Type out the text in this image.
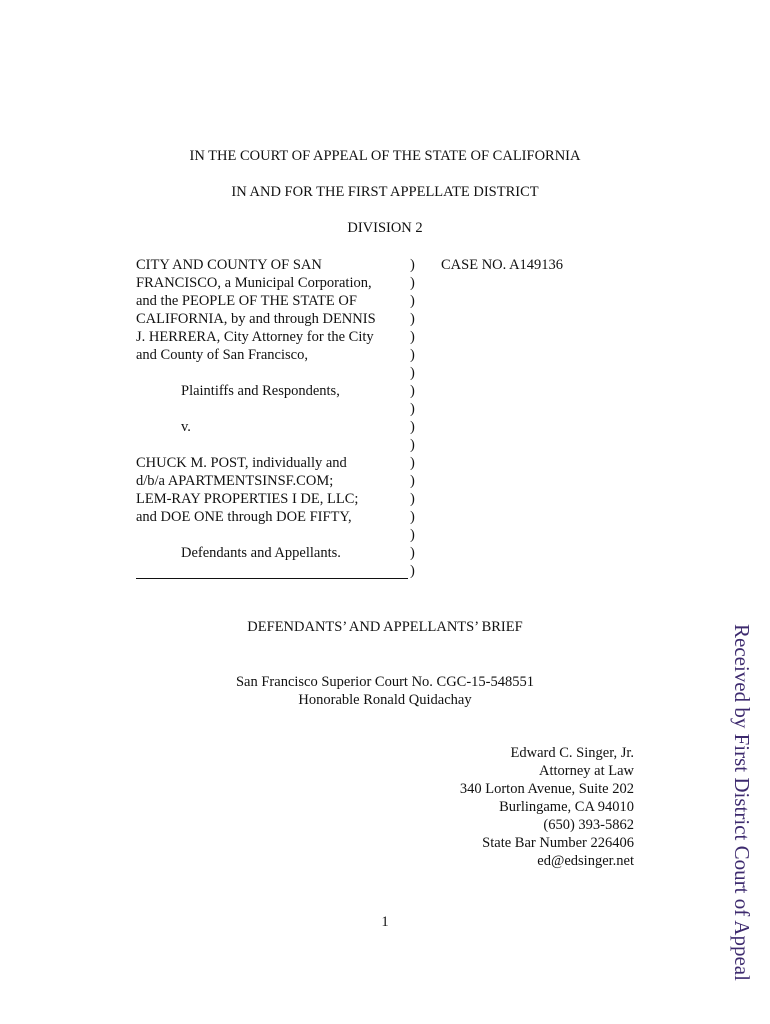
IN THE COURT OF APPEAL OF THE STATE OF CALIFORNIA
IN AND FOR THE FIRST APPELLATE DISTRICT
DIVISION 2
CITY AND COUNTY OF SAN
FRANCISCO, a Municipal Corporation,
and the PEOPLE OF THE STATE OF
CALIFORNIA, by and through DENNIS
J. HERRERA, City Attorney for the City
and County of San Francisco,
Plaintiffs and Respondents,
v.
CHUCK M. POST, individually and
d/b/a APARTMENTSINSF.COM;
LEM-RAY PROPERTIES I DE, LLC;
and DOE ONE through DOE FIFTY,
Defendants and Appellants.
)
)
)
)
)
)
)
)
)
)
)
)
)
)
)
)
)
)
CASE NO. A149136
DEFENDANTS’ AND APPELLANTS’ BRIEF
San Francisco Superior Court No. CGC-15-548551
Honorable Ronald Quidachay
Edward C. Singer, Jr.
Attorney at Law
340 Lorton Avenue, Suite 202
Burlingame, CA 94010
(650) 393-5862
State Bar Number 226406
ed@edsinger.net
1	Received by First District Court of Appeal
